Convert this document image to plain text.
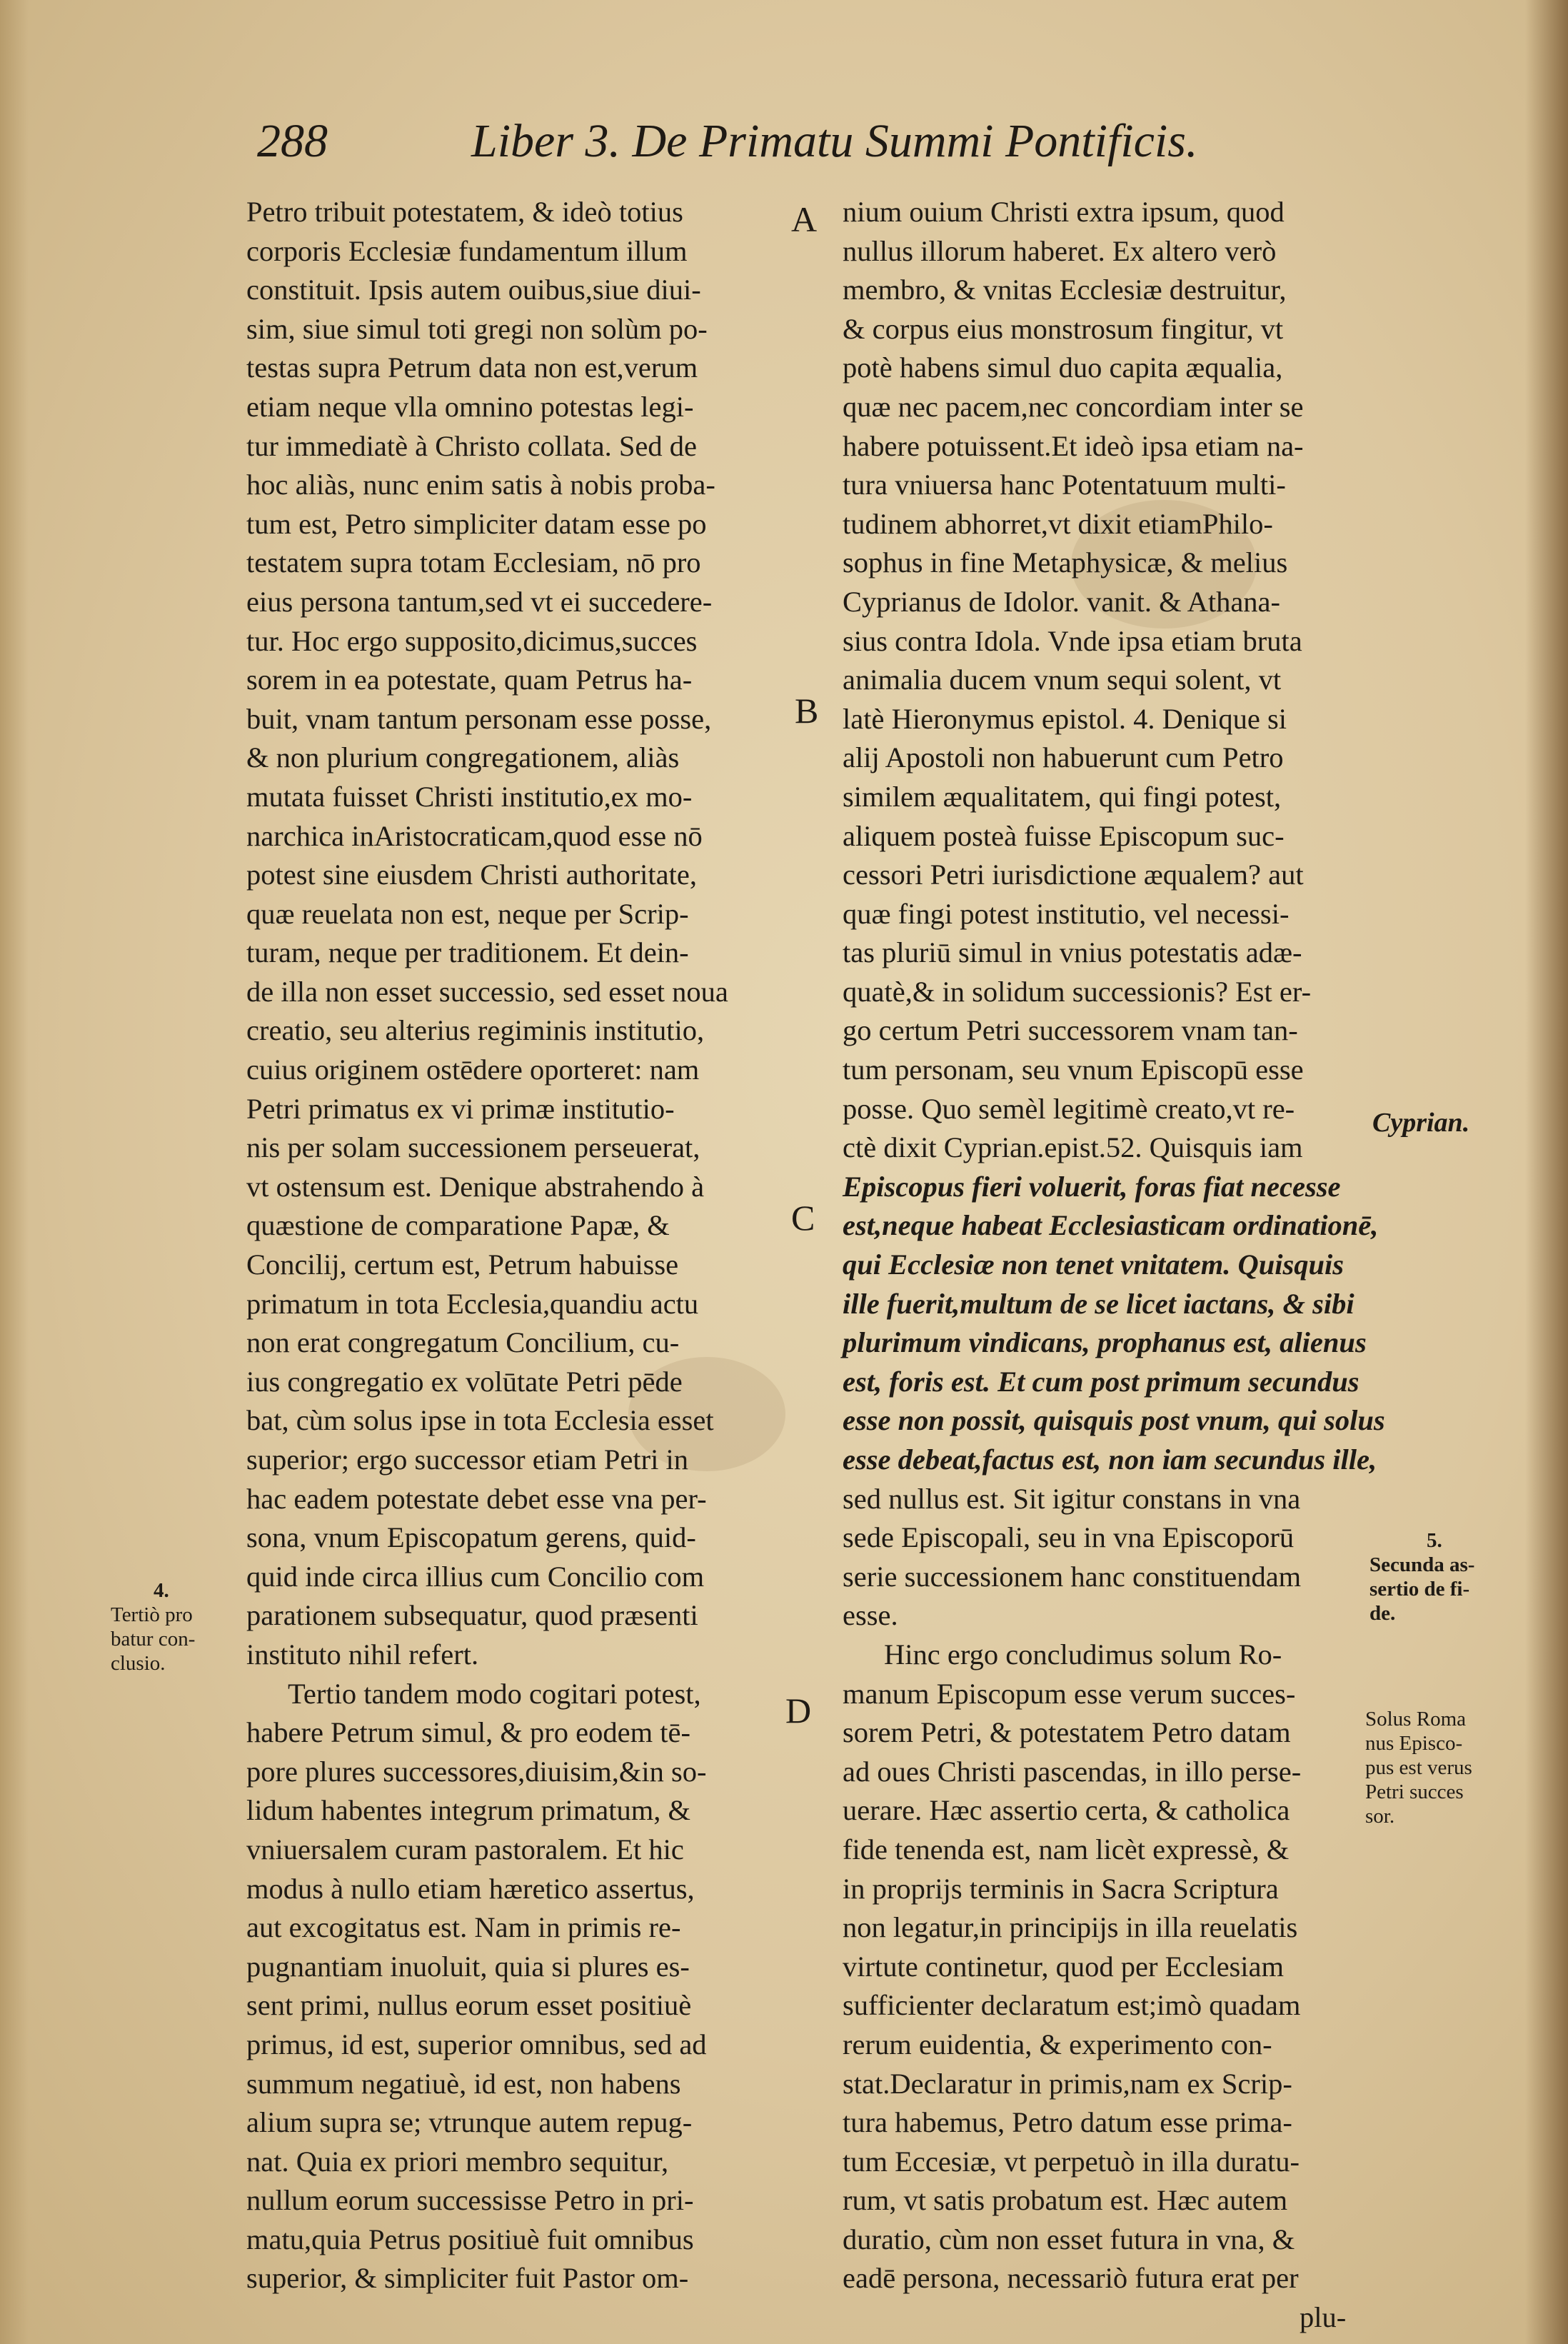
288	Liber 3. De Primatu Summi Pontificis.
Petro tribuit potestatem, & ideò totius
corporis Ecclesiæ fundamentum illum
constituit. Ipsis autem ouibus,siue diui-
sim, siue simul toti gregi non solùm po-
testas supra Petrum data non est,verum
etiam neque vlla omnino potestas legi-
tur immediatè à Christo collata. Sed de
hoc aliàs, nunc enim satis à nobis proba-
tum est, Petro simpliciter datam esse po
testatem supra totam Ecclesiam, nō pro
eius persona tantum,sed vt ei succedere-
tur. Hoc ergo supposito,dicimus,succes
sorem in ea potestate, quam Petrus ha-
buit, vnam tantum personam esse posse,
& non plurium congregationem, aliàs
mutata fuisset Christi institutio,ex mo-
narchica inAristocraticam,quod esse nō
potest sine eiusdem Christi authoritate,
quæ reuelata non est, neque per Scrip-
turam, neque per traditionem. Et dein-
de illa non esset successio, sed esset noua
creatio, seu alterius regiminis institutio,
cuius originem ostēdere oporteret: nam
Petri primatus ex vi primæ institutio-
nis per solam successionem perseuerat,
vt ostensum est. Denique abstrahendo à
quæstione de comparatione Papæ, &
Concilij, certum est, Petrum habuisse
primatum in tota Ecclesia,quandiu actu
non erat congregatum Concilium, cu-
ius congregatio ex volūtate Petri pēde
bat, cùm solus ipse in tota Ecclesia esset
superior; ergo successor etiam Petri in
hac eadem potestate debet esse vna per-
sona, vnum Episcopatum gerens, quid-
quid inde circa illius cum Concilio com
parationem subsequatur, quod præsenti
instituto nihil refert.
Tertio tandem modo cogitari potest,
habere Petrum simul, & pro eodem tē-
pore plures successores,diuisim,&in so-
lidum habentes integrum primatum, &
vniuersalem curam pastoralem. Et hic
modus à nullo etiam hæretico assertus,
aut excogitatus est. Nam in primis re-
pugnantiam inuoluit, quia si plures es-
sent primi, nullus eorum esset positiuè
primus, id est, superior omnibus, sed ad
summum negatiuè, id est, non habens
alium supra se; vtrunque autem repug-
nat. Quia ex priori membro sequitur,
nullum eorum successisse Petro in pri-
matu,quia Petrus positiuè fuit omnibus
superior, & simpliciter fuit Pastor om-
nium ouium Christi extra ipsum, quod
nullus illorum haberet. Ex altero verò
membro, & vnitas Ecclesiæ destruitur,
& corpus eius monstrosum fingitur, vt
potè habens simul duo capita æqualia,
quæ nec pacem,nec concordiam inter se
habere potuissent.Et ideò ipsa etiam na-
tura vniuersa hanc Potentatuum multi-
tudinem abhorret,vt dixit etiamPhilo-
sophus in fine Metaphysicæ, & melius
Cyprianus de Idolor. vanit. & Athana-
sius contra Idola. Vnde ipsa etiam bruta
animalia ducem vnum sequi solent, vt
latè Hieronymus epistol. 4. Denique si
alij Apostoli non habuerunt cum Petro
similem æqualitatem, qui fingi potest,
aliquem posteà fuisse Episcopum suc-
cessori Petri iurisdictione æqualem? aut
quæ fingi potest institutio, vel necessi-
tas pluriū simul in vnius potestatis adæ-
quatè,& in solidum successionis? Est er-
go certum Petri successorem vnam tan-
tum personam, seu vnum Episcopū esse
posse. Quo semèl legitimè creato,vt re-
ctè dixit Cyprian.epist.52. Quisquis iam
Episcopus fieri voluerit, foras fiat necesse
est,neque habeat Ecclesiasticam ordinationē,
qui Ecclesiæ non tenet vnitatem. Quisquis
ille fuerit,multum de se licet iactans, & sibi
plurimum vindicans, prophanus est, alienus
est, foris est. Et cum post primum secundus
esse non possit, quisquis post vnum, qui solus
esse debeat,factus est, non iam secundus ille,
sed nullus est. Sit igitur constans in vna
sede Episcopali, seu in vna Episcoporū
serie successionem hanc constituendam
esse.
Hinc ergo concludimus solum Ro-
manum Episcopum esse verum succes-
sorem Petri, & potestatem Petro datam
ad oues Christi pascendas, in illo perse-
uerare. Hæc assertio certa, & catholica
fide tenenda est, nam licèt expressè, &
in proprijs terminis in Sacra Scriptura
non legatur,in principijs in illa reuelatis
virtute continetur, quod per Ecclesiam
sufficienter declaratum est;imò quadam
rerum euidentia, & experimento con-
stat.Declaratur in primis,nam ex Scrip-
tura habemus, Petro datum esse prima-
tum Eccesiæ, vt perpetuò in illa duratu-
rum, vt satis probatum est. Hæc autem
duratio, cùm non esset futura in vna, &
eadē persona, necessariò futura erat per
plu-
A
B
C
D
4.
Tertiò pro
batur con-
clusio.
Cyprian.
5.
Secunda as-
sertio de fi-
de.
Solus Roma
nus Episco-
pus est verus
Petri succes
sor.
